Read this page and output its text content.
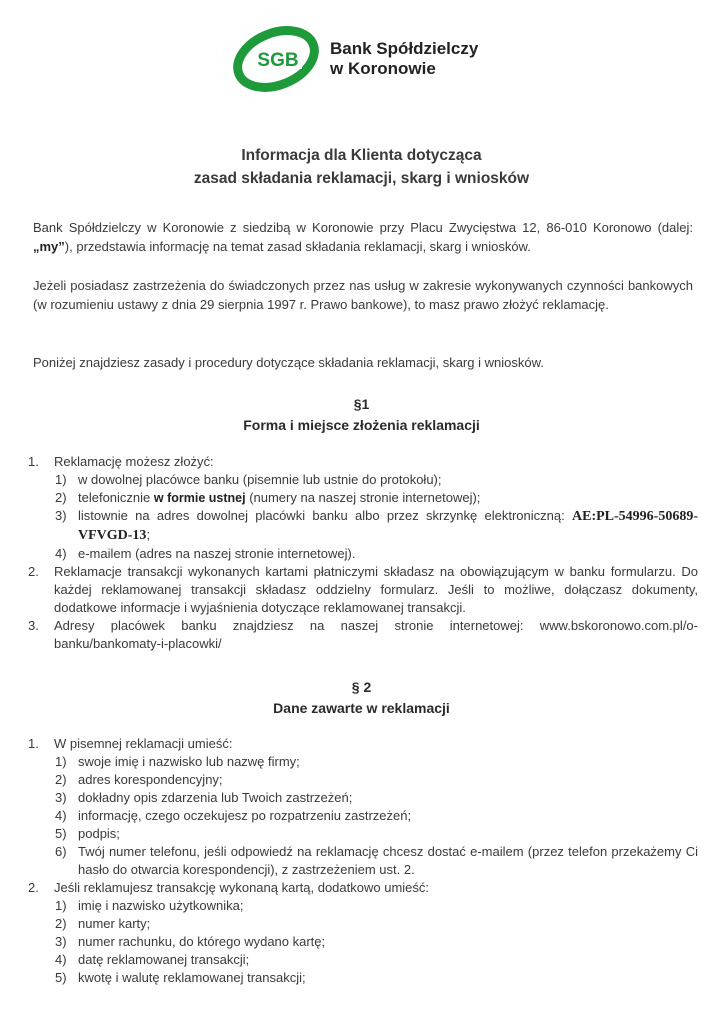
SGB
Bank Spółdzielczy
w Koronowie
Informacja dla Klienta dotycząca
zasad składania reklamacji, skarg i wniosków
Bank Spółdzielczy w Koronowie z siedzibą w Koronowie przy Placu Zwycięstwa 12, 86-010 Koronowo (dalej: „my”), przedstawia informację na temat zasad składania reklamacji, skarg i wniosków.
Jeżeli posiadasz zastrzeżenia do świadczonych przez nas usług w zakresie wykonywanych czynności bankowych (w rozumieniu ustawy z dnia 29 sierpnia 1997 r. Prawo bankowe), to masz prawo złożyć reklamację.
Poniżej znajdziesz zasady i procedury dotyczące składania reklamacji, skarg i wniosków.
§1
Forma i miejsce złożenia reklamacji
1. Reklamację możesz złożyć:
1) w dowolnej placówce banku (pisemnie lub ustnie do protokołu);
2) telefonicznie w formie ustnej (numery na naszej stronie internetowej);
3) listownie na adres dowolnej placówki banku albo przez skrzynkę elektroniczną: AE:PL-54996-50689-VFVGD-13;
4) e-mailem (adres na naszej stronie internetowej).
2. Reklamacje transakcji wykonanych kartami płatniczymi składasz na obowiązującym w banku formularzu. Do każdej reklamowanej transakcji składasz oddzielny formularz. Jeśli to możliwe, dołączasz dokumenty, dodatkowe informacje i wyjaśnienia dotyczące reklamowanej transakcji.
3. Adresy placówek banku znajdziesz na naszej stronie internetowej: www.bskoronowo.com.pl/o-banku/bankomaty-i-placowki/
§ 2
Dane zawarte w reklamacji
1. W pisemnej reklamacji umieść:
1) swoje imię i nazwisko lub nazwę firmy;
2) adres korespondencyjny;
3) dokładny opis zdarzenia lub Twoich zastrzeżeń;
4) informację, czego oczekujesz po rozpatrzeniu zastrzeżeń;
5) podpis;
6) Twój numer telefonu, jeśli odpowiedź na reklamację chcesz dostać e-mailem (przez telefon przekażemy Ci hasło do otwarcia korespondencji), z zastrzeżeniem ust. 2.
2. Jeśli reklamujesz transakcję wykonaną kartą, dodatkowo umieść:
1) imię i nazwisko użytkownika;
2) numer karty;
3) numer rachunku, do którego wydano kartę;
4) datę reklamowanej transakcji;
5) kwotę i walutę reklamowanej transakcji;
